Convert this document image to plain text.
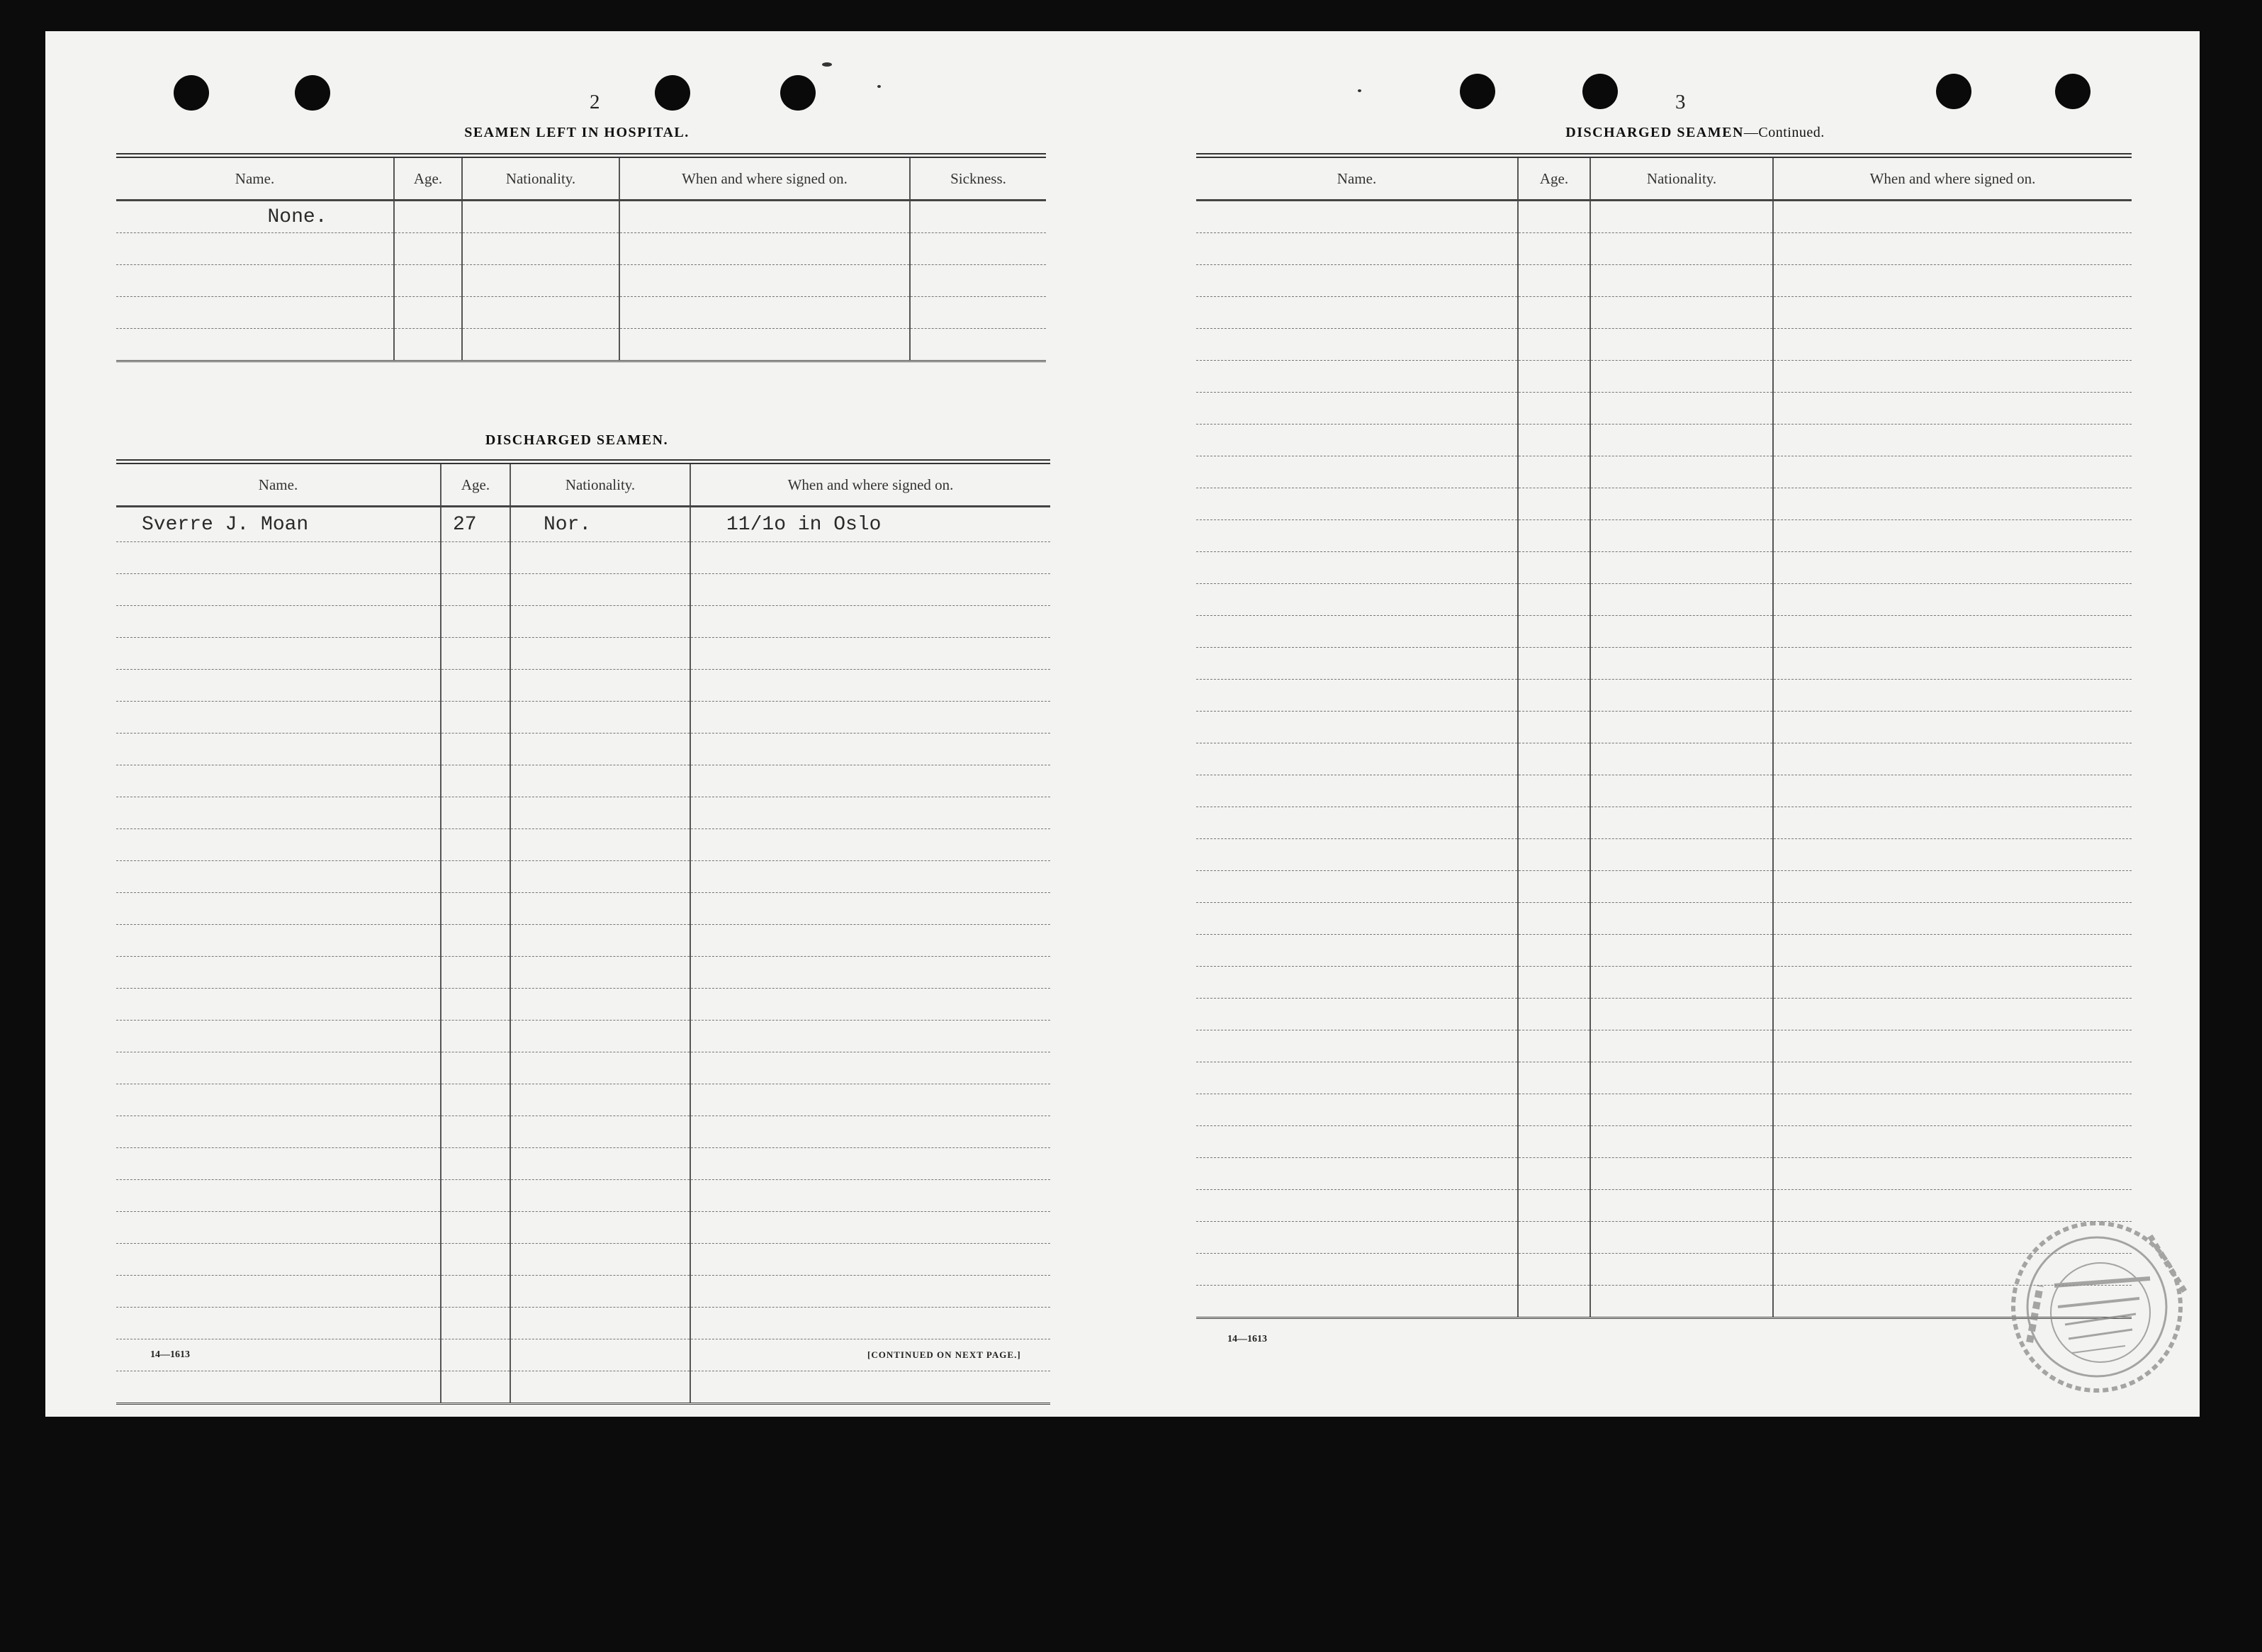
2
SEAMEN LEFT IN HOSPITAL.
Name.	Age.	Nationality.	When and where signed on.	Sickness.
None.				

DISCHARGED SEAMEN.
Name.	Age.	Nationality.	When and where signed on.
Sverre J. Moan	27	Nor.	11/1o in Oslo

14—1613	[CONTINUED ON NEXT PAGE.]
3
DISCHARGED SEAMEN—Continued.
Name.	Age.	Nationality.	When and where signed on.

14—1613
